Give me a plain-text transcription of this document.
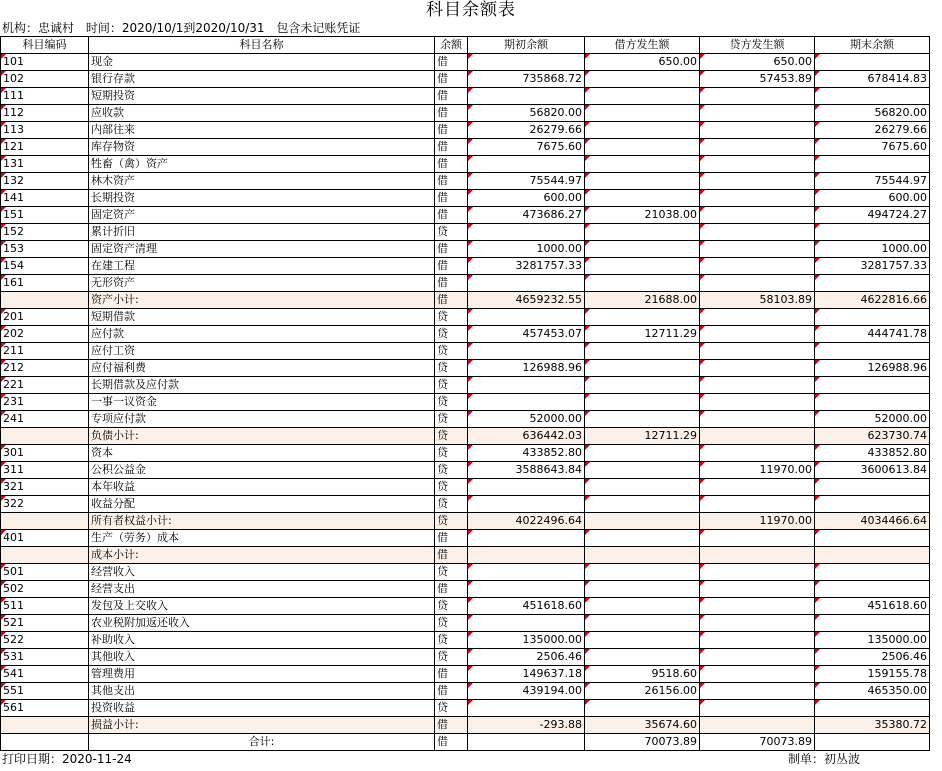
科目余额表
机构：忠诚村 时间：2020/10/1到2020/10/31 包含未记账凭证
科目编码	科目名称	余额	期初余额	借方发生额	贷方发生额	期末余额
101	现金	借		650.00	650.00	
102	银行存款	借	735868.72		57453.89	678414.83
111	短期投资	借				
112	应收款	借	56820.00			56820.00
113	内部往来	借	26279.66			26279.66
121	库存物资	借	7675.60			7675.60
131	牲畜（禽）资产	借				
132	林木资产	借	75544.97			75544.97
141	长期投资	借	600.00			600.00
151	固定资产	借	473686.27	21038.00		494724.27
152	累计折旧	贷				
153	固定资产清理	借	1000.00			1000.00
154	在建工程	借	3281757.33			3281757.33
161	无形资产	借				
	资产小计:	借	4659232.55	21688.00	58103.89	4622816.66
201	短期借款	贷				
202	应付款	贷	457453.07	12711.29		444741.78
211	应付工资	贷				
212	应付福利费	贷	126988.96			126988.96
221	长期借款及应付款	贷				
231	一事一议资金	贷				
241	专项应付款	贷	52000.00			52000.00
	负债小计:	贷	636442.03	12711.29		623730.74
301	资本	贷	433852.80			433852.80
311	公积公益金	贷	3588643.84		11970.00	3600613.84
321	本年收益	贷				
322	收益分配	贷				
	所有者权益小计:	贷	4022496.64		11970.00	4034466.64
401	生产（劳务）成本	借				
	成本小计:	借				
501	经营收入	贷				
502	经营支出	借				
511	发包及上交收入	贷	451618.60			451618.60
521	农业税附加返还收入	贷				
522	补助收入	贷	135000.00			135000.00
531	其他收入	贷	2506.46			2506.46
541	管理费用	借	149637.18	9518.60		159155.78
551	其他支出	借	439194.00	26156.00		465350.00
561	投资收益	贷				
	损益小计:	借	-293.88	35674.60		35380.72
	合计:	借		70073.89	70073.89	
打印日期：2020-11-24	制单：初丛波
